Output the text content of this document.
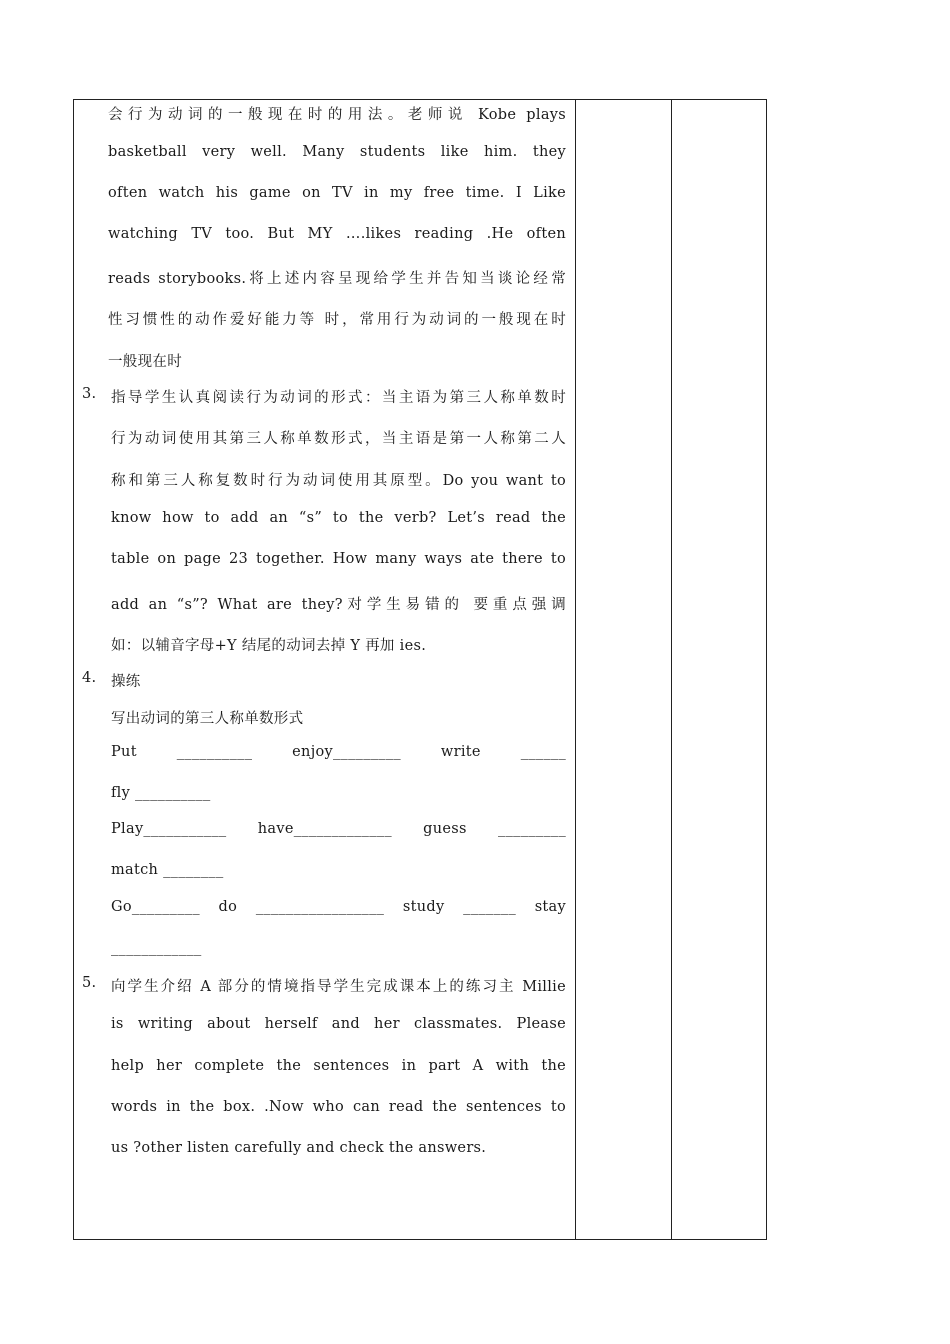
会行为动词的一般现在时的用法。老师说 Kobe plays
basketball very well. Many students like him. they
often watch his game on TV in my free time. I Like
watching TV too. But MY ….likes reading .He often
reads storybooks.将上述内容呈现给学生并告知当谈论经常
性习惯性的动作爱好能力等 时，常用行为动词的一般现在时
一般现在时
3. 指导学生认真阅读行为动词的形式：当主语为第三人称单数时
行为动词使用其第三人称单数形式，当主语是第一人称第二人
称和第三人称复数时行为动词使用其原型。Do you want to
know how to add an “s” to the verb? Let’s read the
table on page 23 together. How many ways ate there to
add an “s”? What are they?对学生易错的 要重点强调
如：以辅音字母+Y 结尾的动词去掉 Y 再加 ies.
4. 操练
写出动词的第三人称单数形式
Put __________ enjoy_________ write ______
fly __________
Play___________ have_____________ guess _________
match ________
Go_________ do _________________ study _______ stay
____________
5. 向学生介绍 A 部分的情境指导学生完成课本上的练习主 Millie
is writing about herself and her classmates. Please
help her complete the sentences in part A with the
words in the box. .Now who can read the sentences to
us ?other listen carefully and check the answers.
